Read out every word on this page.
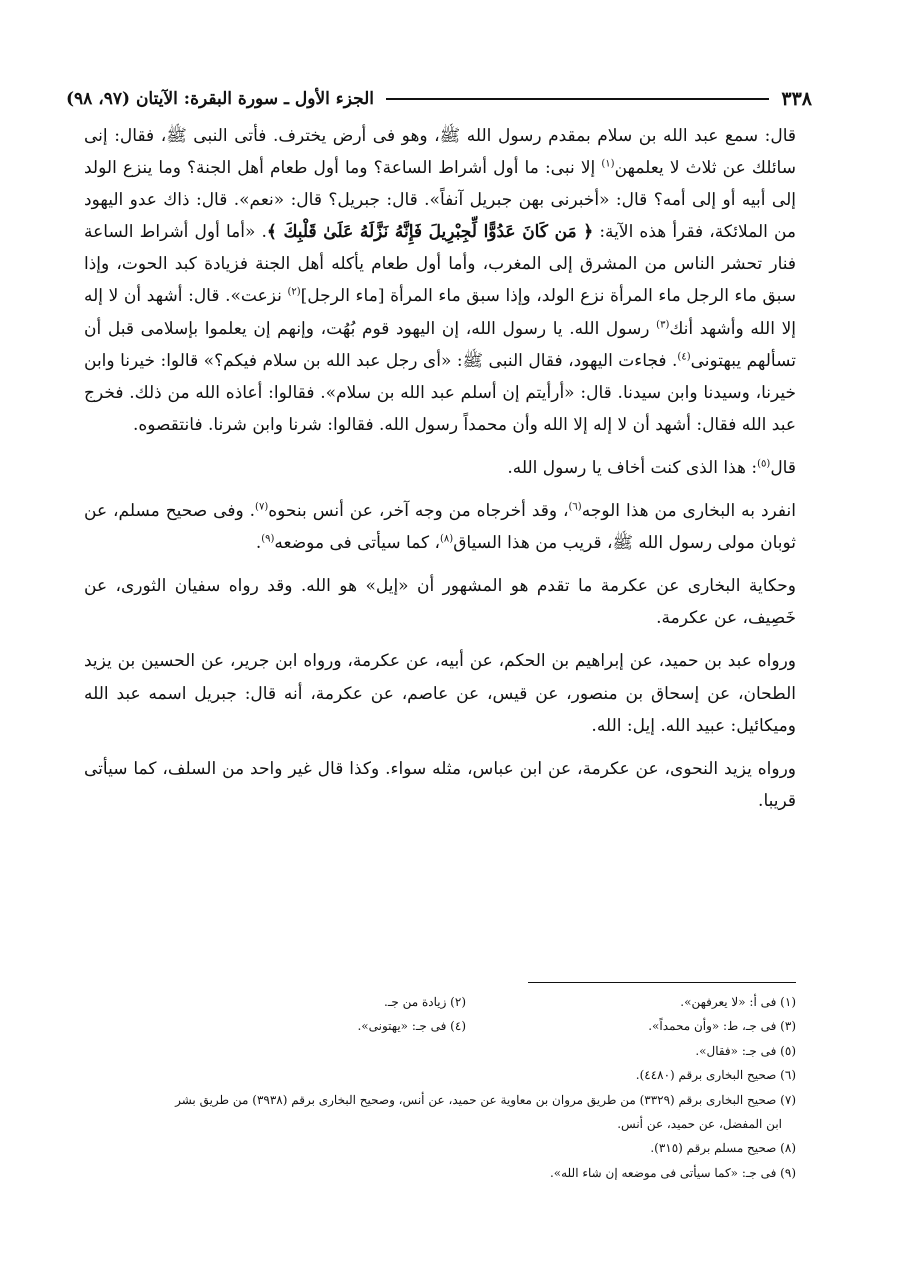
٣٣٨
الجزء الأول ـ سورة البقرة: الآيتان (٩٧، ٩٨)

قال: سمع عبد الله بن سلام بمقدم رسول الله ﷺ، وهو فى أرض يخترف. فأتى النبى ﷺ، فقال: إنى سائلك عن ثلاث لا يعلمهن$^{(١)}$ إلا نبى: ما أول أشراط الساعة؟ وما أول طعام أهل الجنة؟ وما ينزع الولد إلى أبيه أو إلى أمه؟ قال: «أخبرنى بهن جبريل آنفاً». قال: جبريل؟ قال: «نعم». قال: ذاك عدو اليهود من الملائكة، فقرأ هذه الآية: ﴿ مَن كَانَ عَدُوًّا لِّجِبْرِيلَ فَإِنَّهُ نَزَّلَهُ عَلَىٰ قَلْبِكَ ﴾. «أما أول أشراط الساعة فنار تحشر الناس من المشرق إلى المغرب، وأما أول طعام يأكله أهل الجنة فزيادة كبد الحوت، وإذا سبق ماء الرجل ماء المرأة نزع الولد، وإذا سبق ماء المرأة [ماء الرجل]$^{(٢)}$ نزعت». قال: أشهد أن لا إله إلا الله وأشهد أنك$^{(٣)}$ رسول الله. يا رسول الله، إن اليهود قوم بُهُت، وإنهم إن يعلموا بإسلامى قبل أن تسألهم يبهتونى$^{(٤)}$. فجاءت اليهود، فقال النبى ﷺ: «أى رجل عبد الله بن سلام فيكم؟» قالوا: خيرنا وابن خيرنا، وسيدنا وابن سيدنا. قال: «أرأيتم إن أسلم عبد الله بن سلام». فقالوا: أعاذه الله من ذلك. فخرج عبد الله فقال: أشهد أن لا إله إلا الله وأن محمداً رسول الله. فقالوا: شرنا وابن شرنا. فانتقصوه.

قال$^{(٥)}$: هذا الذى كنت أخاف يا رسول الله.

انفرد به البخارى من هذا الوجه$^{(٦)}$، وقد أخرجاه من وجه آخر، عن أنس بنحوه$^{(٧)}$. وفى صحيح مسلم، عن ثوبان مولى رسول الله ﷺ، قريب من هذا السياق$^{(٨)}$، كما سيأتى فى موضعه$^{(٩)}$.

وحكاية البخارى عن عكرمة ما تقدم هو المشهور أن «إيل» هو الله. وقد رواه سفيان الثورى، عن خَصِيف، عن عكرمة.

ورواه عبد بن حميد، عن إبراهيم بن الحكم، عن أبيه، عن عكرمة، ورواه ابن جرير، عن الحسين بن يزيد الطحان، عن إسحاق بن منصور، عن قيس، عن عاصم، عن عكرمة، أنه قال: جبريل اسمه عبد الله وميكائيل: عبيد الله. إيل: الله.

ورواه يزيد النحوى، عن عكرمة، عن ابن عباس، مثله سواء. وكذا قال غير واحد من السلف، كما سيأتى قريبا.

(١) فى أ: «لا يعرفهن».
(٢) زيادة من جـ.
(٣) فى جـ، ط: «وأن محمداً».
(٤) فى جـ: «يهتونى».
(٥) فى جـ: «فقال».
(٦) صحيح البخارى برقم (٤٤٨٠).
(٧) صحيح البخارى برقم (٣٣٢٩) من طريق مروان بن معاوية عن حميد، عن أنس، وصحيح البخارى برقم (٣٩٣٨) من طريق بشر
ابن المفضل، عن حميد، عن أنس.
(٨) صحيح مسلم برقم (٣١٥).
(٩) فى جـ: «كما سيأتى فى موضعه إن شاء الله».
